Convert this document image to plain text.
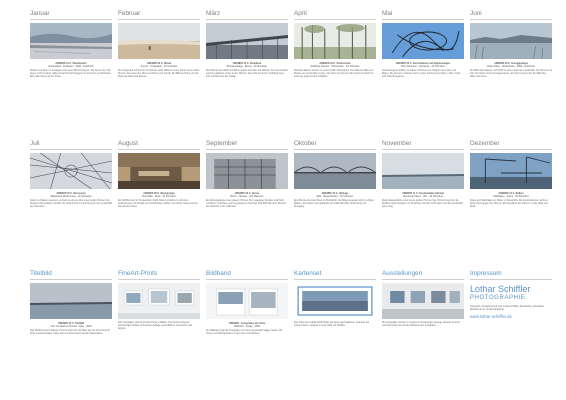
Januar
ABENDS 01 C. Wrackinseln
Nordersand · Festlegen · 2008 · Fotodruck
Wolken und Meer im dunstigen Licht eines Wintermorgens. Die Spuren der Flut liegen noch im Sand, während der Horizont langsam in der Ferne verschwindet. Eine stille Szene an der Küste.
Februar
ABENDS 02 C. Wüste
Amrum · Kniepsand · 40 Schreiber
Der Kniepsand auf Amrum im Februar: weite Flächen, feiner Sand und ein heller Himmel. Die Linien der Dünen zeichnen sich zart ab. Ein Bild der Ruhe und der Weite am Rand des Meeres.
März
ABENDS 03 C. Paradiese
Brückenanlage · Elmas · 40 Schreiber
Eine Brücke aus Stahl und Beton spannt sich über das Wasser. Die Konstruktion zeichnet grafische Linien in den Himmel, das Licht des frühen Frühlings liegt kühl und klar über der Anlage.
April
ABENDS 04 C. Pinienschön
Südlicher Westen · Höhenreiter · 40 Schreiber
Schlanke Bäume stehen vor einem hellen Hintergrund. Die Stämme bilden ein Muster aus senkrechten Linien, das Grün der Kronen wirkt weich und leicht im Licht des beginnenden Frühjahrs.
Mai
ABENDS 05 C. Konstruktion und Abgrenzungen
Soho Neuhaus · Lanzarote · 40 Schreiber
Geschwungene Drähte vor blauem Himmel: eine Skulptur aus Linien und Bögen. Die Formen verbinden sich zu einer Zeichnung im Raum, offen, leicht und voller Bewegung.
Juni
ABENDS 06 C. Honiggesänge
Rotes Haus · Heidenhöhe · 2008 · Fotodruck
Ein Blick über Wasser und Schilf zu einer entfernten Landschaft. Der Sommer ist hell, die Farben sind zurückgenommen, die Stimmung ist still. Ein Bild über Nähe und Ferne.
Juli
ABENDS 07 C. Rennoeste
Mittelstand Modemosee · 40 Schreiber
Kabel und Masten spannen ein Netz aus Linien über einen hellen Himmel. Die Struktur wirkt grafisch und klar, die Technik wird zur Zeichnung in der Landschaft des Sommers.
August
ABENDS 08 C. Westgerippe
Kiel Hafen · Mole · 40 Schreiber
Ein Schiffsrumpf im Trockendock: Stahl, Rost und Farbe im Licht des Spätsommers. Die Details der Konstruktion erzählen von Arbeit, Reise und der Zeit auf dem Meer.
September
ABENDS 09 C. Abriss
Berlin · Neubau · 100 Maschen
Ein Abrissgebäude unter grauem Himmel. Die freigelegte Struktur zeigt Stahl und Beton, Schichten einer vergangenen Nutzung. Das Bild hält einen Moment des Wandels in der Stadt fest.
Oktober
ABENDS 10 C. Uferlage
Elbe · Bogenbrücke · 40 Schreiber
Eine Brücke über den Fluss im Herbstlicht. Die Bögen spiegeln sich im ruhigen Wasser, die Farben sind gedämpft. Ein stilles Bild über Verbindung und Übergang.
November
ABENDS 11 C. Kontinentaler Himmel
Steinhuder Meer · Ufer · 40 Schreiber
Weite Wasserfläche unter einem großen Himmel. Der Horizont liegt tief, die Wolken ziehen langsam. Im November wird das Licht weich und die Landschaft ganz ruhig.
Dezember
ABENDS 12 C. Balken
Stadthafen · Kräne · 40 Schreiber
Kräne und Stahlträger am Hafen im Winterlicht. Die Konstruktionen zeichnen klare Linien gegen den Himmel. Ein Abschluss des Jahres in Grau, Blau und Weiß.
Titelbild
ABENDS 13 C. Titelbild
über die Stadt im Norden · Elbe · 2008
Das Titelbild vereint Wasser, Himmel und Licht. Ein Bild, das die Stimmung der Serie zusammenfasst: ruhig, weit und konzentriert auf das Wesentliche.
FineArt-Prints
Alle Fotografien sind als FineArt-Prints erhältlich. Der Druck erfolgt auf hochwertigem Papier in limitierter Auflage, jedes Blatt ist nummeriert und signiert.
Bildband
ABENDS · Fotografien der Serie
Bildband · Verlag · 2008
Der Bildband zeigt die Fotografien der Serie auf großformatigen Seiten. Mit Texten und Hintergründen zu den Orten und Motiven.
Kartenset
Das Kartenset enthält zwölf Motive der Serie als Postkarten. Gedruckt auf festem Karton, verpackt in einer Hülle mit Titelbild.
Ausstellungen
Die Fotografien wurden in mehreren Ausstellungen gezeigt. Aktuelle Termine und Orte finden Sie auf der Webseite des Fotografen.
Impressum
Lothar Schiffler
PHOTOGRAPHIE
Fotografie, Gestaltung und Text: Lothar Schiffler. Alle Rechte vorbehalten. Nachdruck nur mit Genehmigung.
www.lothar-schiffler.de
